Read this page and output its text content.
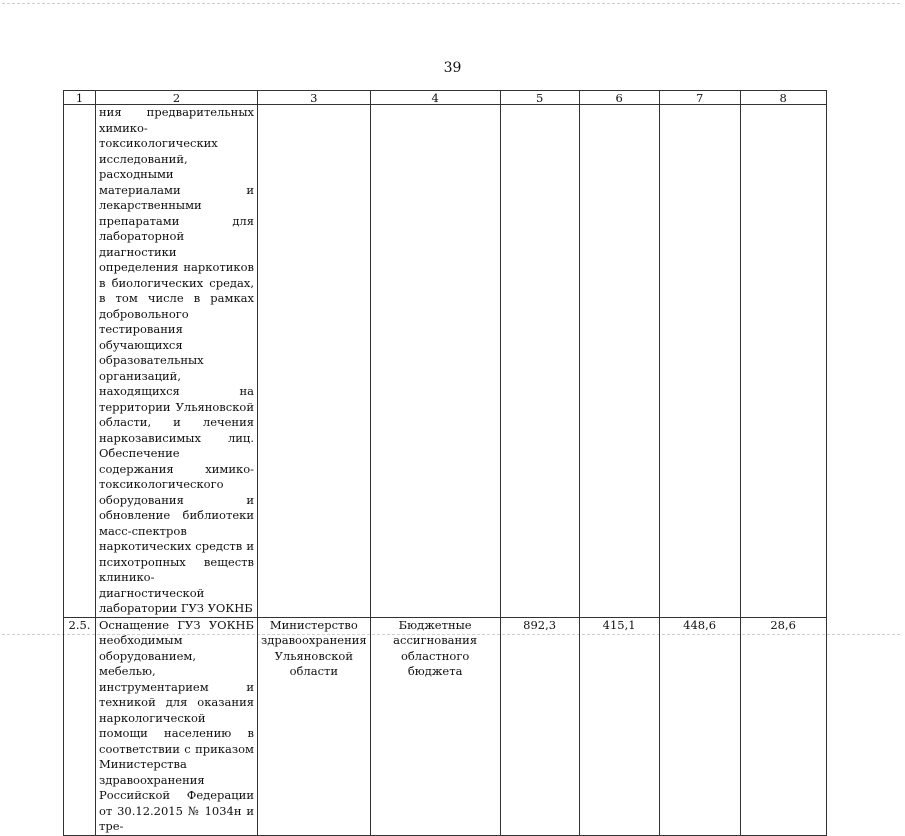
39
1	2	3	4	5	6	7	8
	ния предварительных химико-токсикологических исследований, расходными материалами и лекарственными препаратами для лабораторной диагностики определения наркотиков в биологических средах, в том числе в рамках добровольного тестирования обучающихся образовательных организаций, находящихся на территории Ульяновской области, и лечения наркозависимых лиц. Обеспечение содержания химико-токсикологического оборудования и обновление библиотеки масс-спектров наркотических средств и психотропных веществ клинико-диагностической лаборатории ГУЗ УОКНБ						
2.5.	Оснащение ГУЗ УОКНБ необходимым оборудованием, мебелью, инструментарием и техникой для оказания наркологической помощи населению в соответствии с приказом Министерства здравоохранения Российской Федерации от 30.12.2015 № 1034н и тре-	Министерство здравоохранения Ульяновской области	Бюджетные ассигнования областного бюджета	892,3	415,1	448,6	28,6
